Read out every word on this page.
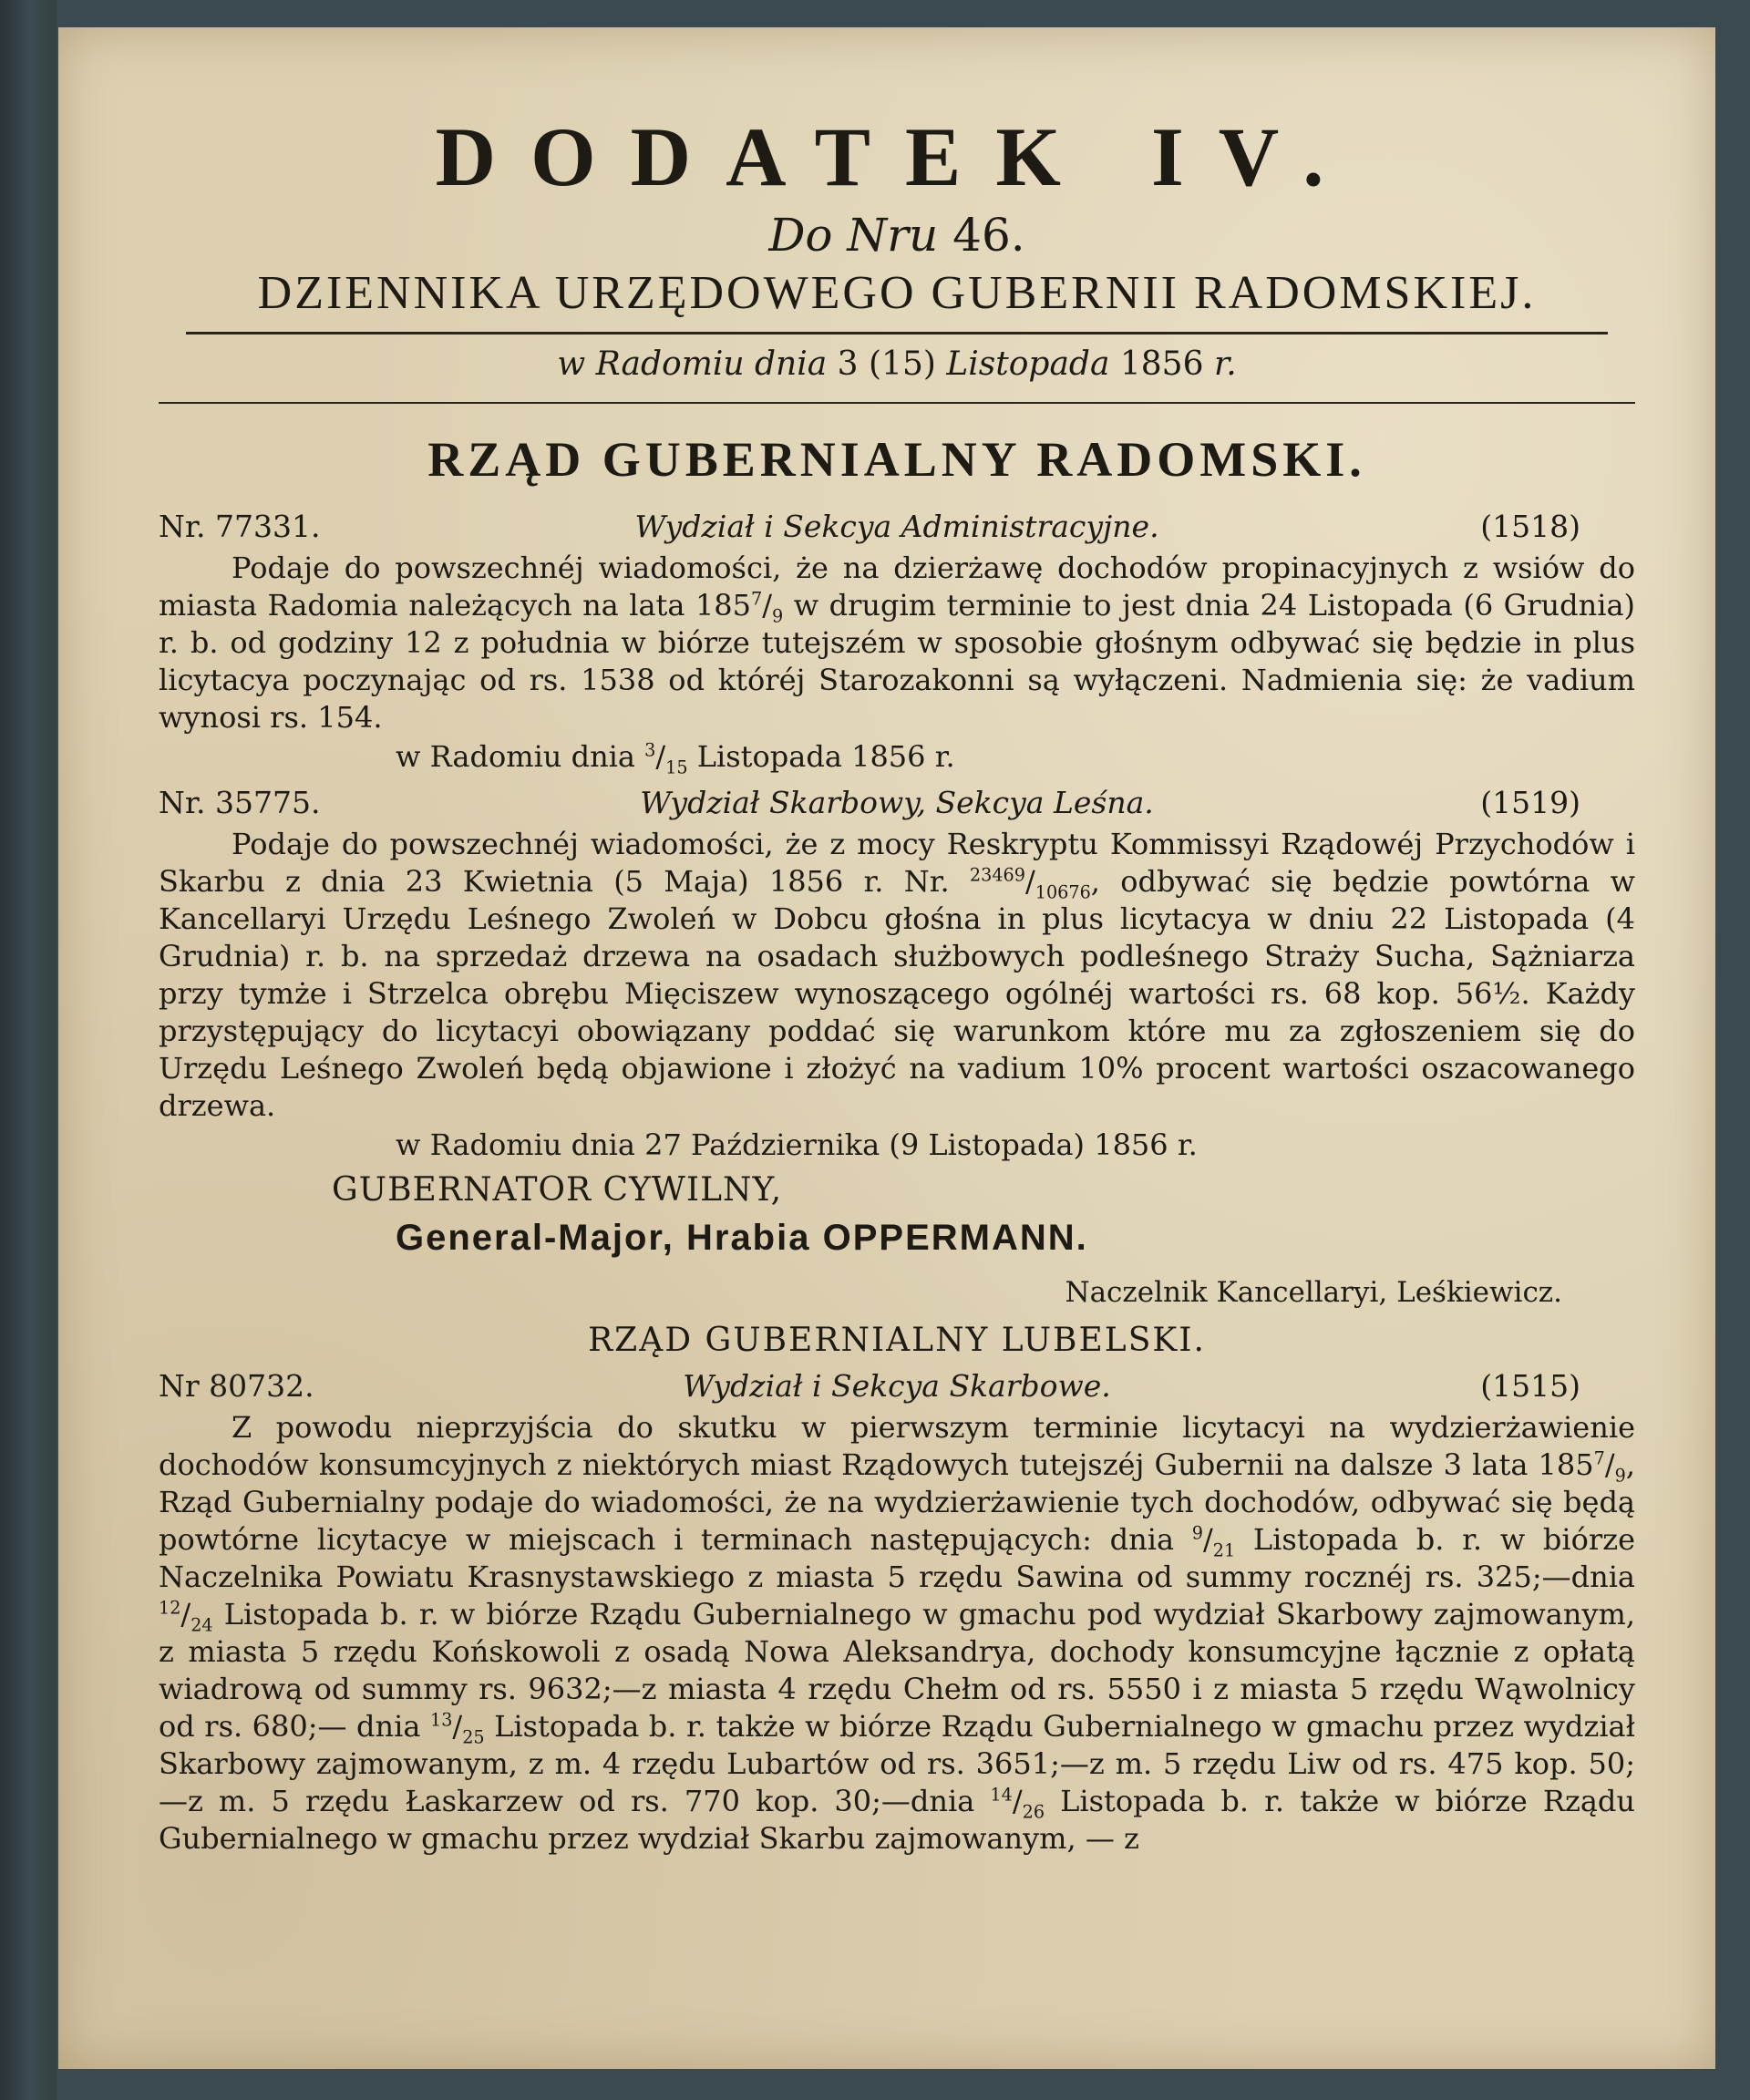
DODATEK IV.
Do Nru 46.
DZIENNIKA URZĘDOWEGO GUBERNII RADOMSKIEJ.
w Radomiu dnia 3 (15) Listopada 1856 r.
RZĄD GUBERNIALNY RADOMSKI.
Nr. 77331.	Wydział i Sekcya Administracyjne.	(1518)
Podaje do powszechnéj wiadomości, że na dzierżawę dochodów propinacyjnych z wsiów do miasta Radomia należących na lata $185^7/_9$ w drugim terminie to jest dnia 24 Listopada (6 Grudnia) r. b. od godziny 12 z południa w biórze tutejszém w sposobie głośnym odbywać się będzie in plus licytacya poczynając od rs. 1538 od któréj Starozakonni są wyłączeni. Nadmienia się: że vadium wynosi rs. 154.
w Radomiu dnia $^3/_{15}$ Listopada 1856 r.
Nr. 35775.	Wydział Skarbowy, Sekcya Leśna.	(1519)
Podaje do powszechnéj wiadomości, że z mocy Reskryptu Kommissyi Rządowéj Przychodów i Skarbu z dnia 23 Kwietnia (5 Maja) 1856 r. Nr. $^{23469}/_{10676}$, odbywać się będzie powtórna w Kancellaryi Urzędu Leśnego Zwoleń w Dobcu głośna in plus licytacya w dniu 22 Listopada (4 Grudnia) r. b. na sprzedaż drzewa na osadach służbowych podleśnego Straży Sucha, Sążniarza przy tymże i Strzelca obrębu Mięciszew wynoszącego ogólnéj wartości rs. 68 kop. 56½. Każdy przystępujący do licytacyi obowiązany poddać się warunkom które mu za zgłoszeniem się do Urzędu Leśnego Zwoleń będą objawione i złożyć na vadium 10% procent wartości oszacowanego drzewa.
w Radomiu dnia 27 Października (9 Listopada) 1856 r.
GUBERNATOR CYWILNY,
General-Major, Hrabia OPPERMANN.
Naczelnik Kancellaryi, Leśkiewicz.
RZĄD GUBERNIALNY LUBELSKI.
Nr 80732.	Wydział i Sekcya Skarbowe.	(1515)
Z powodu nieprzyjścia do skutku w pierwszym terminie licytacyi na wydzierżawienie dochodów konsumcyjnych z niektórych miast Rządowych tutejszéj Gubernii na dalsze 3 lata $185^7/_9$, Rząd Gubernialny podaje do wiadomości, że na wydzierżawienie tych dochodów, odbywać się będą powtórne licytacye w miejscach i terminach następujących: dnia $^9/_{21}$ Listopada b. r. w biórze Naczelnika Powiatu Krasnystawskiego z miasta 5 rzędu Sawina od summy rocznéj rs. 325;—dnia $^{12}/_{24}$ Listopada b. r. w biórze Rządu Gubernialnego w gmachu pod wydział Skarbowy zajmowanym, z miasta 5 rzędu Końskowoli z osadą Nowa Aleksandrya, dochody konsumcyjne łącznie z opłatą wiadrową od summy rs. 9632;—z miasta 4 rzędu Chełm od rs. 5550 i z miasta 5 rzędu Wąwolnicy od rs. 680;— dnia $^{13}/_{25}$ Listopada b. r. także w biórze Rządu Gubernialnego w gmachu przez wydział Skarbowy zajmowanym, z m. 4 rzędu Lubartów od rs. 3651;—z m. 5 rzędu Liw od rs. 475 kop. 50;—z m. 5 rzędu Łaskarzew od rs. 770 kop. 30;—dnia $^{14}/_{26}$ Listopada b. r. także w biórze Rządu Gubernialnego w gmachu przez wydział Skarbu zajmowanym, — z
